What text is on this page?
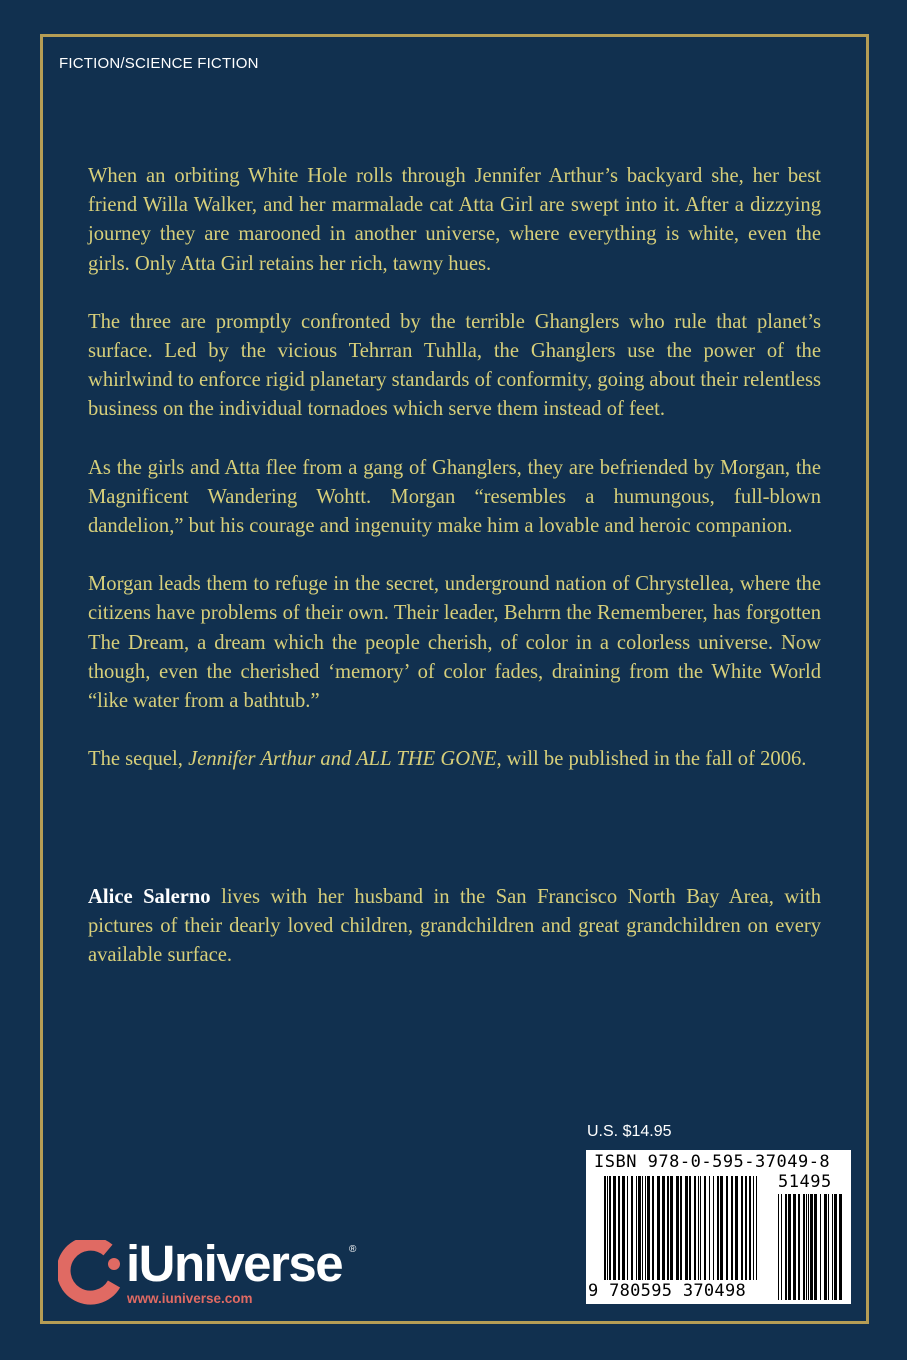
FICTION/SCIENCE FICTION

When an orbiting White Hole rolls through Jennifer Arthur’s backyard she, her best friend Willa Walker, and her marmalade cat Atta Girl are swept into it. After a dizzying journey they are marooned in another universe, where everything is white, even the girls. Only Atta Girl retains her rich, tawny hues.

The three are promptly confronted by the terrible Ghanglers who rule that planet’s surface. Led by the vicious Tehrran Tuhlla, the Ghanglers use the power of the whirlwind to enforce rigid planetary standards of conformity, going about their relentless business on the individual tornadoes which serve them instead of feet.

As the girls and Atta flee from a gang of Ghanglers, they are befriended by Morgan, the Magnificent Wandering Wohtt. Morgan “resembles a humungous, full-blown dandelion,” but his courage and ingenuity make him a lovable and heroic companion.

Morgan leads them to refuge in the secret, underground nation of Chrystellea, where the citizens have problems of their own. Their leader, Behrrn the Rememberer, has forgotten The Dream, a dream which the people cherish, of color in a colorless universe. Now though, even the cherished ‘memory’ of color fades, draining from the White World “like water from a bathtub.”

The sequel, Jennifer Arthur and ALL THE GONE, will be published in the fall of 2006.

Alice Salerno lives with her husband in the San Francisco North Bay Area, with pictures of their dearly loved children, grandchildren and great grandchildren on every available surface.

U.S. $14.95
ISBN 978-0-595-37049-8
51495
9 780595 370498
iUniverse ®
www.iuniverse.com
